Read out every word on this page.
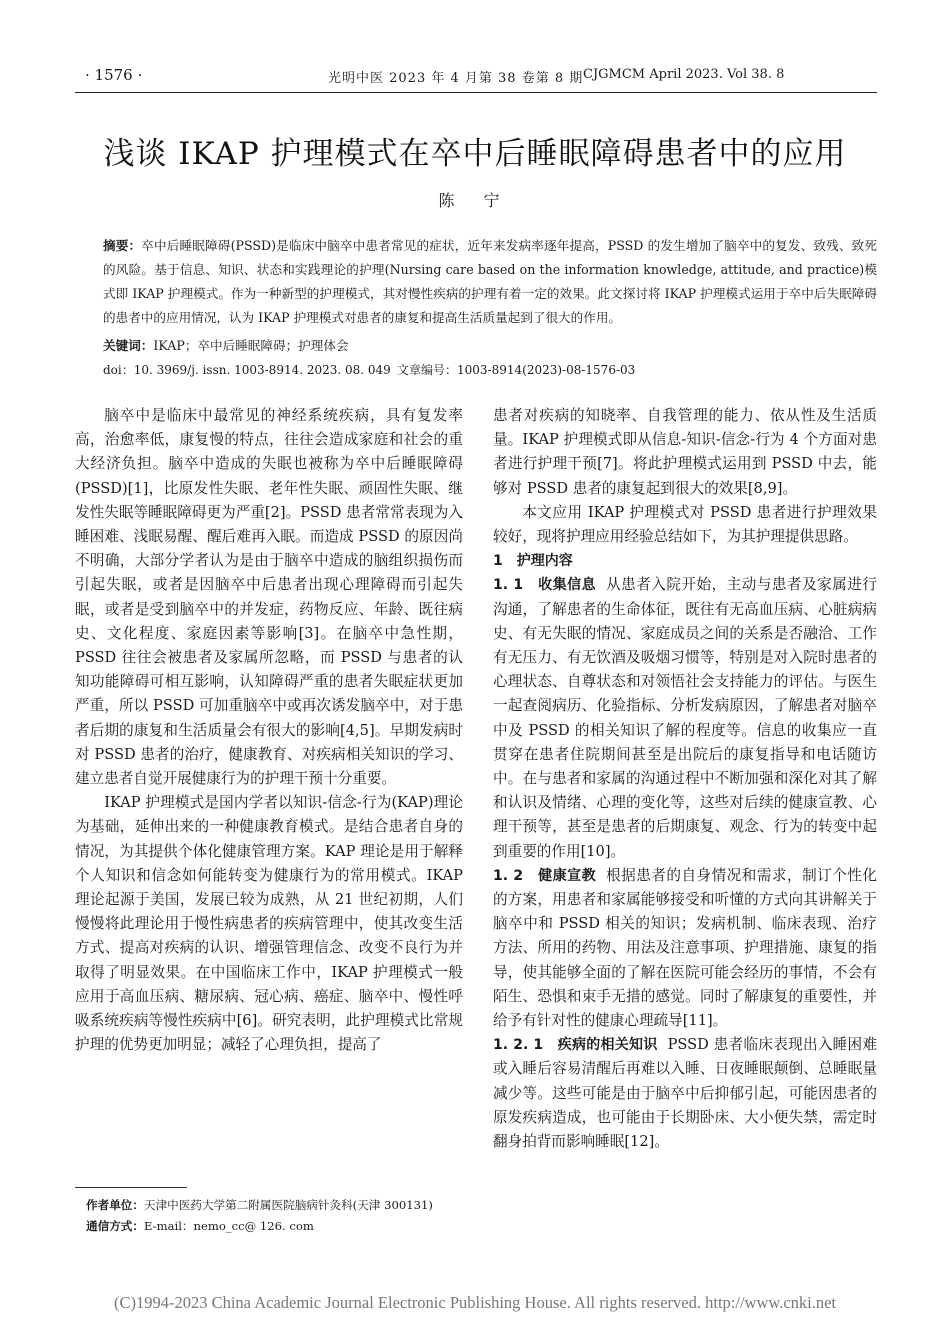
· 1576 ·	光明中医 2023 年 4 月第 38 卷第 8 期 CJGMCM April 2023. Vol 38. 8
浅谈 IKAP 护理模式在卒中后睡眠障碍患者中的应用
陈 宁
摘要：卒中后睡眠障碍(PSSD)是临床中脑卒中患者常见的症状，近年来发病率逐年提高，PSSD 的发生增加了脑卒中的复发、致残、致死的风险。基于信息、知识、状态和实践理论的护理(Nursing care based on the information knowledge, attitude, and practice)模式即 IKAP 护理模式。作为一种新型的护理模式，其对慢性疾病的护理有着一定的效果。此文探讨将 IKAP 护理模式运用于卒中后失眠障碍的患者中的应用情况，认为 IKAP 护理模式对患者的康复和提高生活质量起到了很大的作用。
关键词：IKAP；卒中后睡眠障碍；护理体会
doi：10. 3969/j. issn. 1003-8914. 2023. 08. 049 文章编号：1003-8914(2023)-08-1576-03

脑卒中是临床中最常见的神经系统疾病，具有复发率高，治愈率低，康复慢的特点，往往会造成家庭和社会的重大经济负担。脑卒中造成的失眠也被称为卒中后睡眠障碍(PSSD)[1]，比原发性失眠、老年性失眠、顽固性失眠、继发性失眠等睡眠障碍更为严重[2]。PSSD 患者常常表现为入睡困难、浅眠易醒、醒后难再入眠。而造成 PSSD 的原因尚不明确，大部分学者认为是由于脑卒中造成的脑组织损伤而引起失眠，或者是因脑卒中后患者出现心理障碍而引起失眠，或者是受到脑卒中的并发症，药物反应、年龄、既往病史、文化程度、家庭因素等影响[3]。在脑卒中急性期，PSSD 往往会被患者及家属所忽略，而 PSSD 与患者的认知功能障碍可相互影响，认知障碍严重的患者失眠症状更加严重，所以 PSSD 可加重脑卒中或再次诱发脑卒中，对于患者后期的康复和生活质量会有很大的影响[4,5]。早期发病时对 PSSD 患者的治疗，健康教育、对疾病相关知识的学习、建立患者自觉开展健康行为的护理干预十分重要。

IKAP 护理模式是国内学者以知识-信念-行为(KAP)理论为基础，延伸出来的一种健康教育模式。是结合患者自身的情况，为其提供个体化健康管理方案。KAP 理论是用于解释个人知识和信念如何能转变为健康行为的常用模式。IKAP 理论起源于美国，发展已较为成熟，从 21 世纪初期，人们慢慢将此理论用于慢性病患者的疾病管理中，使其改变生活方式、提高对疾病的认识、增强管理信念、改变不良行为并取得了明显效果。在中国临床工作中，IKAP 护理模式一般应用于高血压病、糖尿病、冠心病、癌症、脑卒中、慢性呼吸系统疾病等慢性疾病中[6]。研究表明，此护理模式比常规护理的优势更加明显；减轻了心理负担，提高了

患者对疾病的知晓率、自我管理的能力、依从性及生活质量。IKAP 护理模式即从信息-知识-信念-行为 4 个方面对患者进行护理干预[7]。将此护理模式运用到 PSSD 中去，能够对 PSSD 患者的康复起到很大的效果[8,9]。

本文应用 IKAP 护理模式对 PSSD 患者进行护理效果较好，现将护理应用经验总结如下，为其护理提供思路。

1　护理内容

1. 1　收集信息 从患者入院开始，主动与患者及家属进行沟通，了解患者的生命体征，既往有无高血压病、心脏病病史、有无失眠的情况、家庭成员之间的关系是否融洽、工作有无压力、有无饮酒及吸烟习惯等，特别是对入院时患者的心理状态、自尊状态和对领悟社会支持能力的评估。与医生一起查阅病历、化验指标、分析发病原因，了解患者对脑卒中及 PSSD 的相关知识了解的程度等。信息的收集应一直贯穿在患者住院期间甚至是出院后的康复指导和电话随访中。在与患者和家属的沟通过程中不断加强和深化对其了解和认识及情绪、心理的变化等，这些对后续的健康宣教、心理干预等，甚至是患者的后期康复、观念、行为的转变中起到重要的作用[10]。

1. 2　健康宣教 根据患者的自身情况和需求，制订个性化的方案，用患者和家属能够接受和听懂的方式向其讲解关于脑卒中和 PSSD 相关的知识；发病机制、临床表现、治疗方法、所用的药物、用法及注意事项、护理措施、康复的指导，使其能够全面的了解在医院可能会经历的事情，不会有陌生、恐惧和束手无措的感觉。同时了解康复的重要性，并给予有针对性的健康心理疏导[11]。

1. 2. 1　疾病的相关知识 PSSD 患者临床表现出入睡困难或入睡后容易清醒后再难以入睡、日夜睡眠颠倒、总睡眠量减少等。这些可能是由于脑卒中后抑郁引起，可能因患者的原发疾病造成，也可能由于长期卧床、大小便失禁，需定时翻身拍背而影响睡眠[12]。

作者单位：天津中医药大学第二附属医院脑病针灸科(天津 300131)
通信方式：E-mail：nemo_cc@ 126. com
(C)1994-2023 China Academic Journal Electronic Publishing House. All rights reserved. http://www.cnki.net
